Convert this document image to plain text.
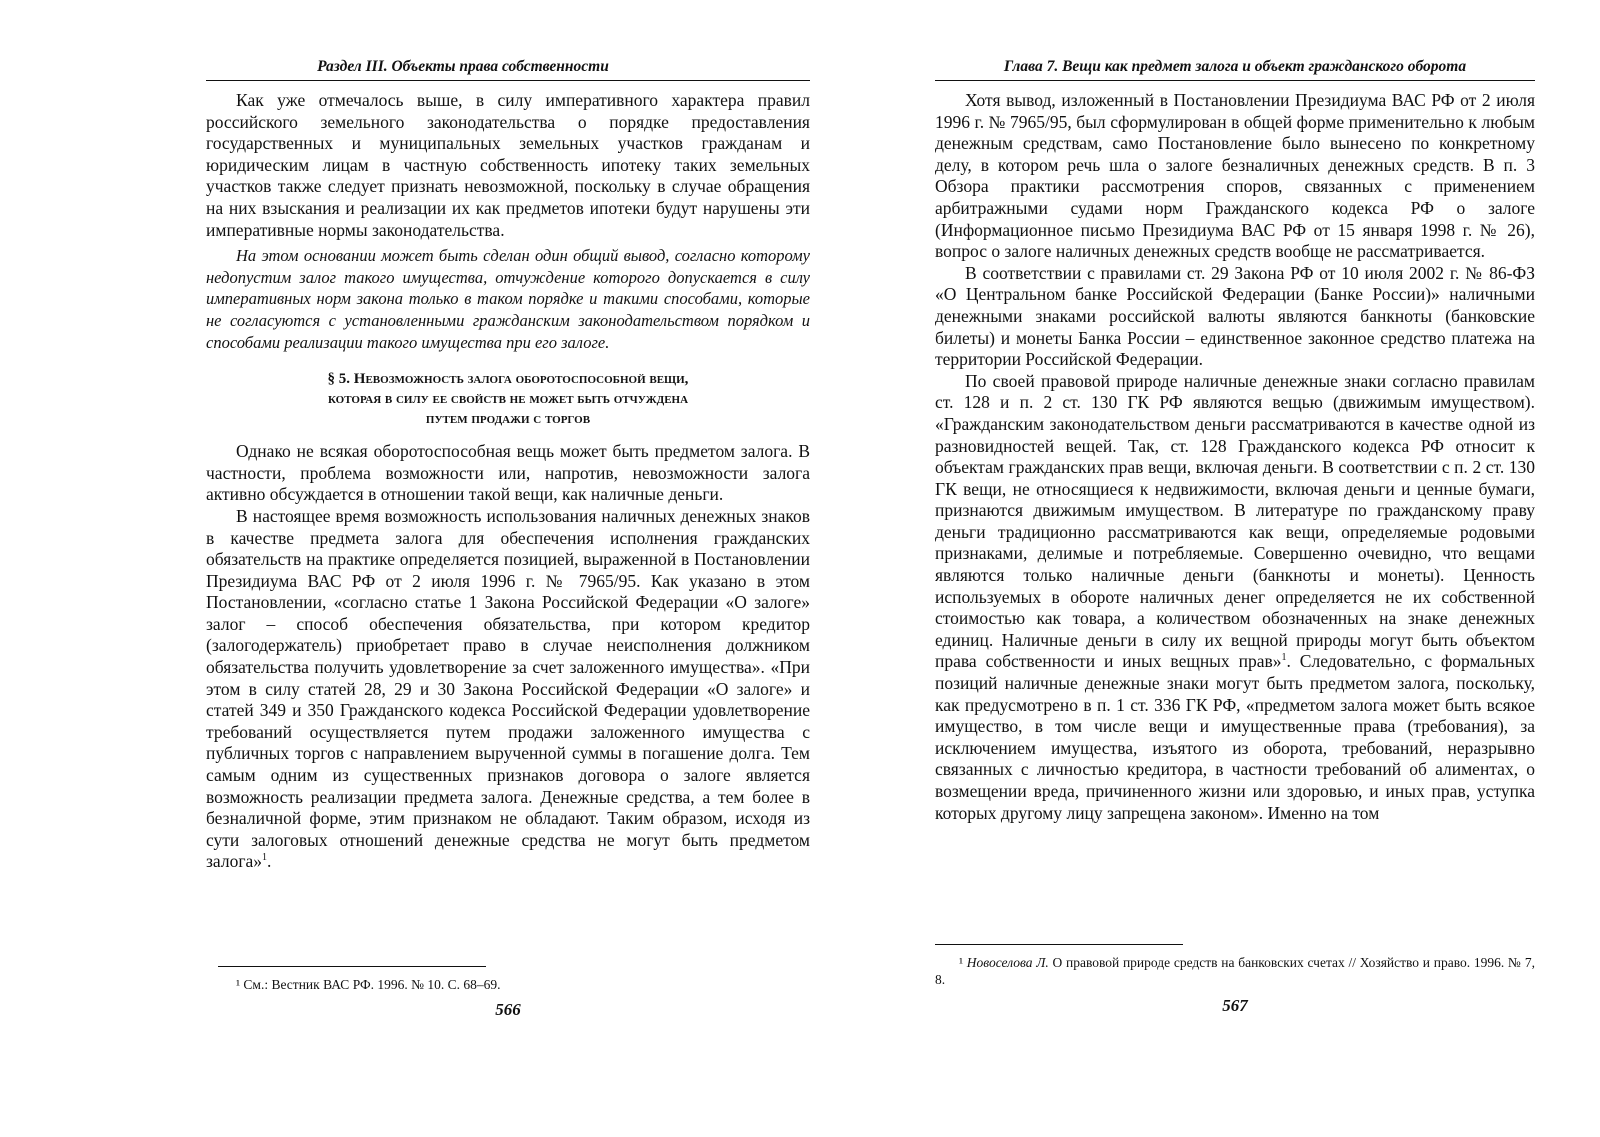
Раздел III. Объекты права собственности

Как уже отмечалось выше, в силу императивного характера правил российского земельного законодательства о порядке предоставления государственных и муниципальных земельных участков гражданам и юридическим лицам в частную собственность ипотеку таких земельных участков также следует признать невозможной, поскольку в случае обращения на них взыскания и реализации их как предметов ипотеки будут нарушены эти императивные нормы законодательства.

На этом основании может быть сделан один общий вывод, согласно которому недопустим залог такого имущества, отчуждение которого допускается в силу императивных норм закона только в таком порядке и такими способами, которые не согласуются с установленными гражданским законодательством порядком и способами реализации такого имущества при его залоге.

§ 5. Невозможность залога оборотоспособной вещи,
которая в силу ее свойств не может быть отчуждена
путем продажи с торгов

Однако не всякая оборотоспособная вещь может быть предметом залога. В частности, проблема возможности или, напротив, невозможности залога активно обсуждается в отношении такой вещи, как наличные деньги.

В настоящее время возможность использования наличных денежных знаков в качестве предмета залога для обеспечения исполнения гражданских обязательств на практике определяется позицией, выраженной в Постановлении Президиума ВАС РФ от 2 июля 1996 г. № 7965/95. Как указано в этом Постановлении, «согласно статье 1 Закона Российской Федерации «О залоге» залог – способ обеспечения обязательства, при котором кредитор (залогодержатель) приобретает право в случае неисполнения должником обязательства получить удовлетворение за счет заложенного имущества». «При этом в силу статей 28, 29 и 30 Закона Российской Федерации «О залоге» и статей 349 и 350 Гражданского кодекса Российской Федерации удовлетворение требований осуществляется путем продажи заложенного имущества с публичных торгов с направлением вырученной суммы в погашение долга. Тем самым одним из существенных признаков договора о залоге является возможность реализации предмета залога. Денежные средства, а тем более в безналичной форме, этим признаком не обладают. Таким образом, исходя из сути залоговых отношений денежные средства не могут быть предметом залога»$^1$.

¹ См.: Вестник ВАС РФ. 1996. № 10. С. 68–69.
566
Глава 7. Вещи как предмет залога и объект гражданского оборота

Хотя вывод, изложенный в Постановлении Президиума ВАС РФ от 2 июля 1996 г. № 7965/95, был сформулирован в общей форме применительно к любым денежным средствам, само Постановление было вынесено по конкретному делу, в котором речь шла о залоге безналичных денежных средств. В п. 3 Обзора практики рассмотрения споров, связанных с применением арбитражными судами норм Гражданского кодекса РФ о залоге (Информационное письмо Президиума ВАС РФ от 15 января 1998 г. № 26), вопрос о залоге наличных денежных средств вообще не рассматривается.

В соответствии с правилами ст. 29 Закона РФ от 10 июля 2002 г. № 86-ФЗ «О Центральном банке Российской Федерации (Банке России)» наличными денежными знаками российской валюты являются банкноты (банковские билеты) и монеты Банка России – единственное законное средство платежа на территории Российской Федерации.

По своей правовой природе наличные денежные знаки согласно правилам ст. 128 и п. 2 ст. 130 ГК РФ являются вещью (движимым имуществом). «Гражданским законодательством деньги рассматриваются в качестве одной из разновидностей вещей. Так, ст. 128 Гражданского кодекса РФ относит к объектам гражданских прав вещи, включая деньги. В соответствии с п. 2 ст. 130 ГК вещи, не относящиеся к недвижимости, включая деньги и ценные бумаги, признаются движимым имуществом. В литературе по гражданскому праву деньги традиционно рассматриваются как вещи, определяемые родовыми признаками, делимые и потребляемые. Совершенно очевидно, что вещами являются только наличные деньги (банкноты и монеты). Ценность используемых в обороте наличных денег определяется не их собственной стоимостью как товара, а количеством обозначенных на знаке денежных единиц. Наличные деньги в силу их вещной природы могут быть объектом права собственности и иных вещных прав»$^1$. Следовательно, с формальных позиций наличные денежные знаки могут быть предметом залога, поскольку, как предусмотрено в п. 1 ст. 336 ГК РФ, «предметом залога может быть всякое имущество, в том числе вещи и имущественные права (требования), за исключением имущества, изъятого из оборота, требований, неразрывно связанных с личностью кредитора, в частности требований об алиментах, о возмещении вреда, причиненного жизни или здоровью, и иных прав, уступка которых другому лицу запрещена законом». Именно на том

¹ Новоселова Л. О правовой природе средств на банковских счетах // Хозяйство и право. 1996. № 7, 8.
567
